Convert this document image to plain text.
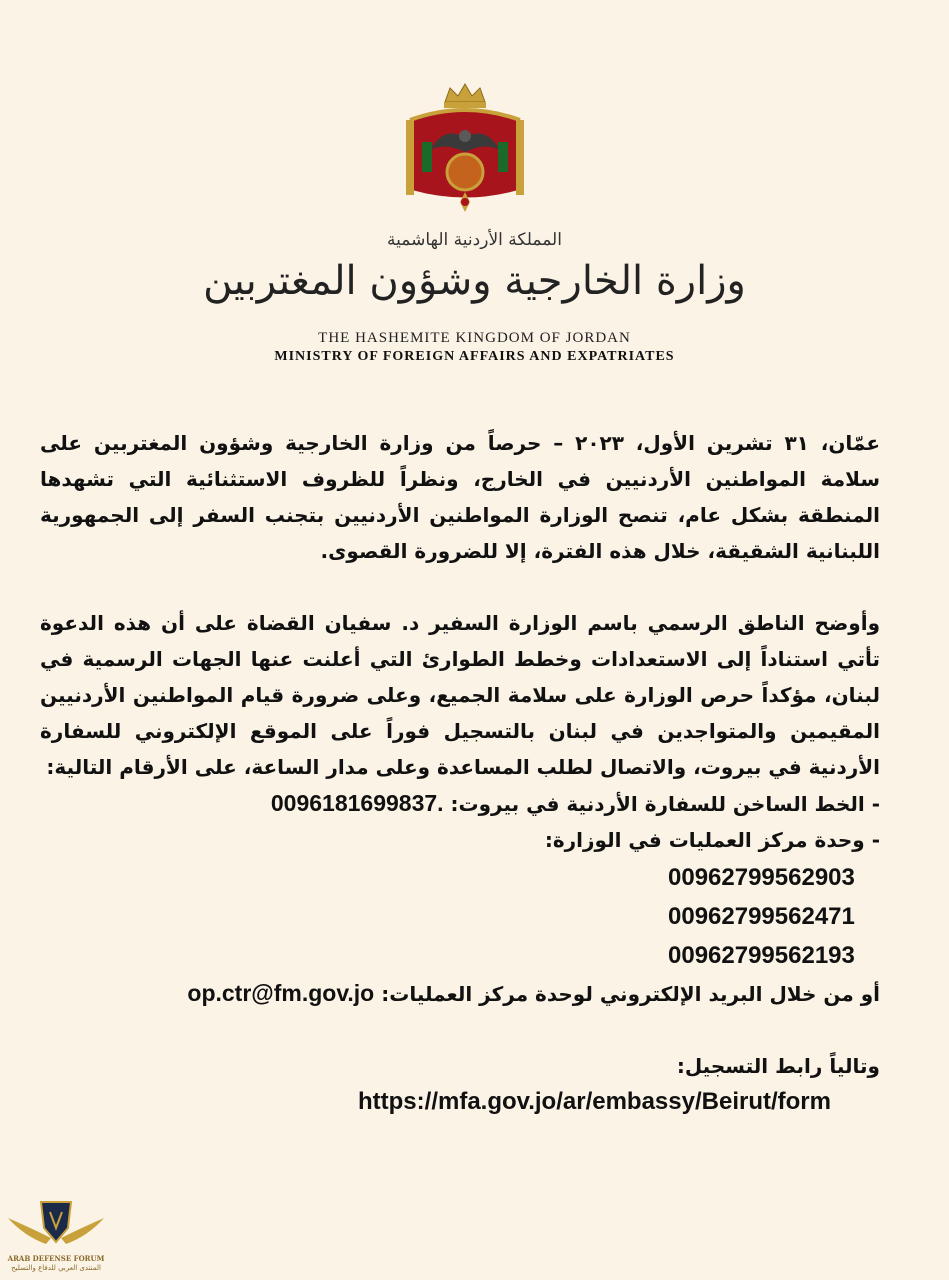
المملكة الأردنية الهاشمية
وزارة الخارجية وشؤون المغتربين
THE HASHEMITE KINGDOM OF JORDAN
MINISTRY OF FOREIGN AFFAIRS AND EXPATRIATES

عمّان، ٣١ تشرين الأول، ٢٠٢٣ – حرصاً من وزارة الخارجية وشؤون المغتربين على سلامة المواطنين الأردنيين في الخارج، ونظراً للظروف الاستثنائية التي تشهدها المنطقة بشكل عام، تنصح الوزارة المواطنين الأردنيين بتجنب السفر إلى الجمهورية اللبنانية الشقيقة، خلال هذه الفترة، إلا للضرورة القصوى.

وأوضح الناطق الرسمي باسم الوزارة السفير د. سفيان القضاة على أن هذه الدعوة تأتي استناداً إلى الاستعدادات وخطط الطوارئ التي أعلنت عنها الجهات الرسمية في لبنان، مؤكداً حرص الوزارة على سلامة الجميع، وعلى ضرورة قيام المواطنين الأردنيين المقيمين والمتواجدين في لبنان بالتسجيل فوراً على الموقع الإلكتروني للسفارة الأردنية في بيروت، والاتصال لطلب المساعدة وعلى مدار الساعة، على الأرقام التالية:

- الخط الساخن للسفارة الأردنية في بيروت: 0096181699837.

- وحدة مركز العمليات في الوزارة:

00962799562903

00962799562471

00962799562193

أو من خلال البريد الإلكتروني لوحدة مركز العمليات: op.ctr@fm.gov.jo

وتالياً رابط التسجيل:

https://mfa.gov.jo/ar/embassy/Beirut/form

ARAB DEFENSE FORUM
المنتدى العربي للدفاع والتسليح
